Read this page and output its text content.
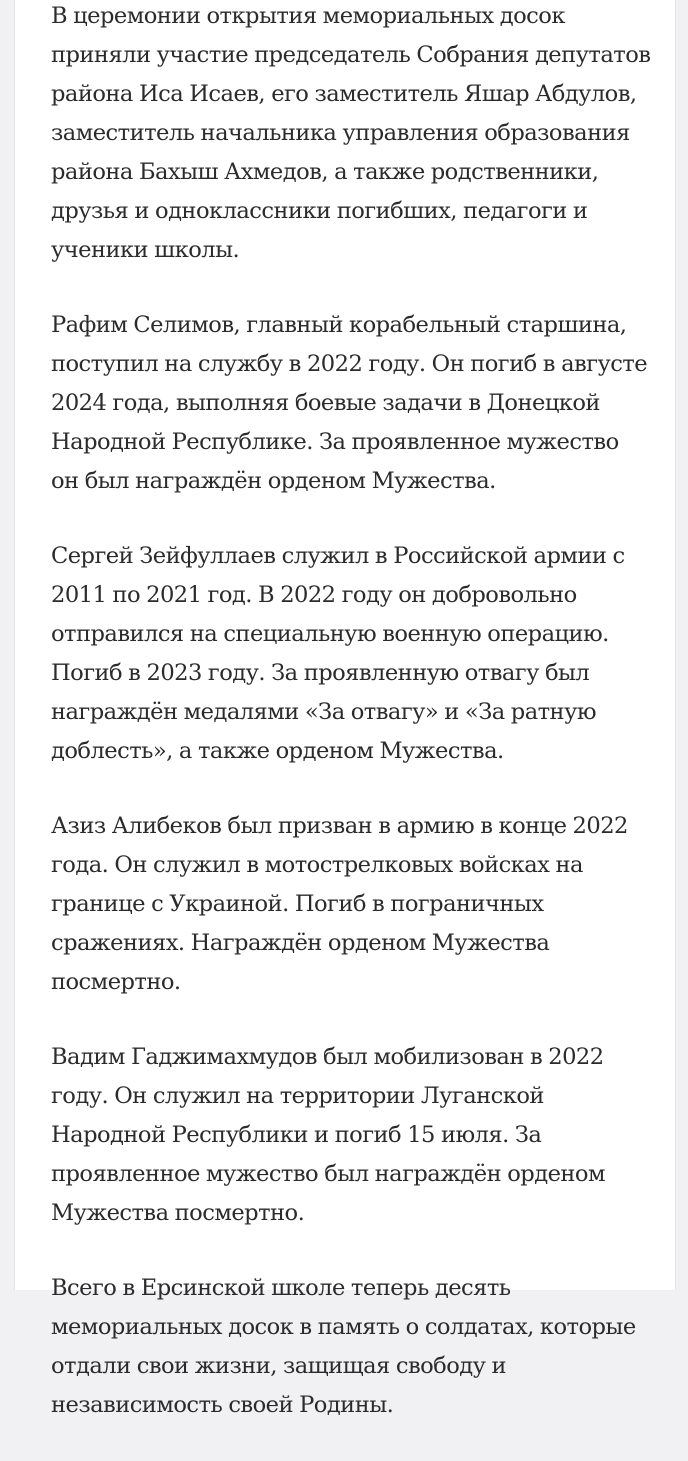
В церемонии открытия мемориальных досок приняли участие председатель Собрания депутатов района Иса Исаев, его заместитель Яшар Абдулов, заместитель начальника управления образования района Бахыш Ахмедов, а также родственники, друзья и одноклассники погибших, педагоги и ученики школы.

Рафим Селимов, главный корабельный старшина, поступил на службу в 2022 году. Он погиб в августе 2024 года, выполняя боевые задачи в Донецкой Народной Республике. За проявленное мужество он был награждён орденом Мужества.

Сергей Зейфуллаев служил в Российской армии с 2011 по 2021 год. В 2022 году он добровольно отправился на специальную военную операцию. Погиб в 2023 году. За проявленную отвагу был награждён медалями «За отвагу» и «За ратную доблесть», а также орденом Мужества.

Азиз Алибеков был призван в армию в конце 2022 года. Он служил в мотострелковых войсках на границе с Украиной. Погиб в пограничных сражениях. Награждён орденом Мужества посмертно.

Вадим Гаджимахмудов был мобилизован в 2022 году. Он служил на территории Луганской Народной Республики и погиб 15 июля. За проявленное мужество был награждён орденом Мужества посмертно.

Всего в Ерсинской школе теперь десять мемориальных досок в память о солдатах, которые отдали свои жизни, защищая свободу и независимость своей Родины.
